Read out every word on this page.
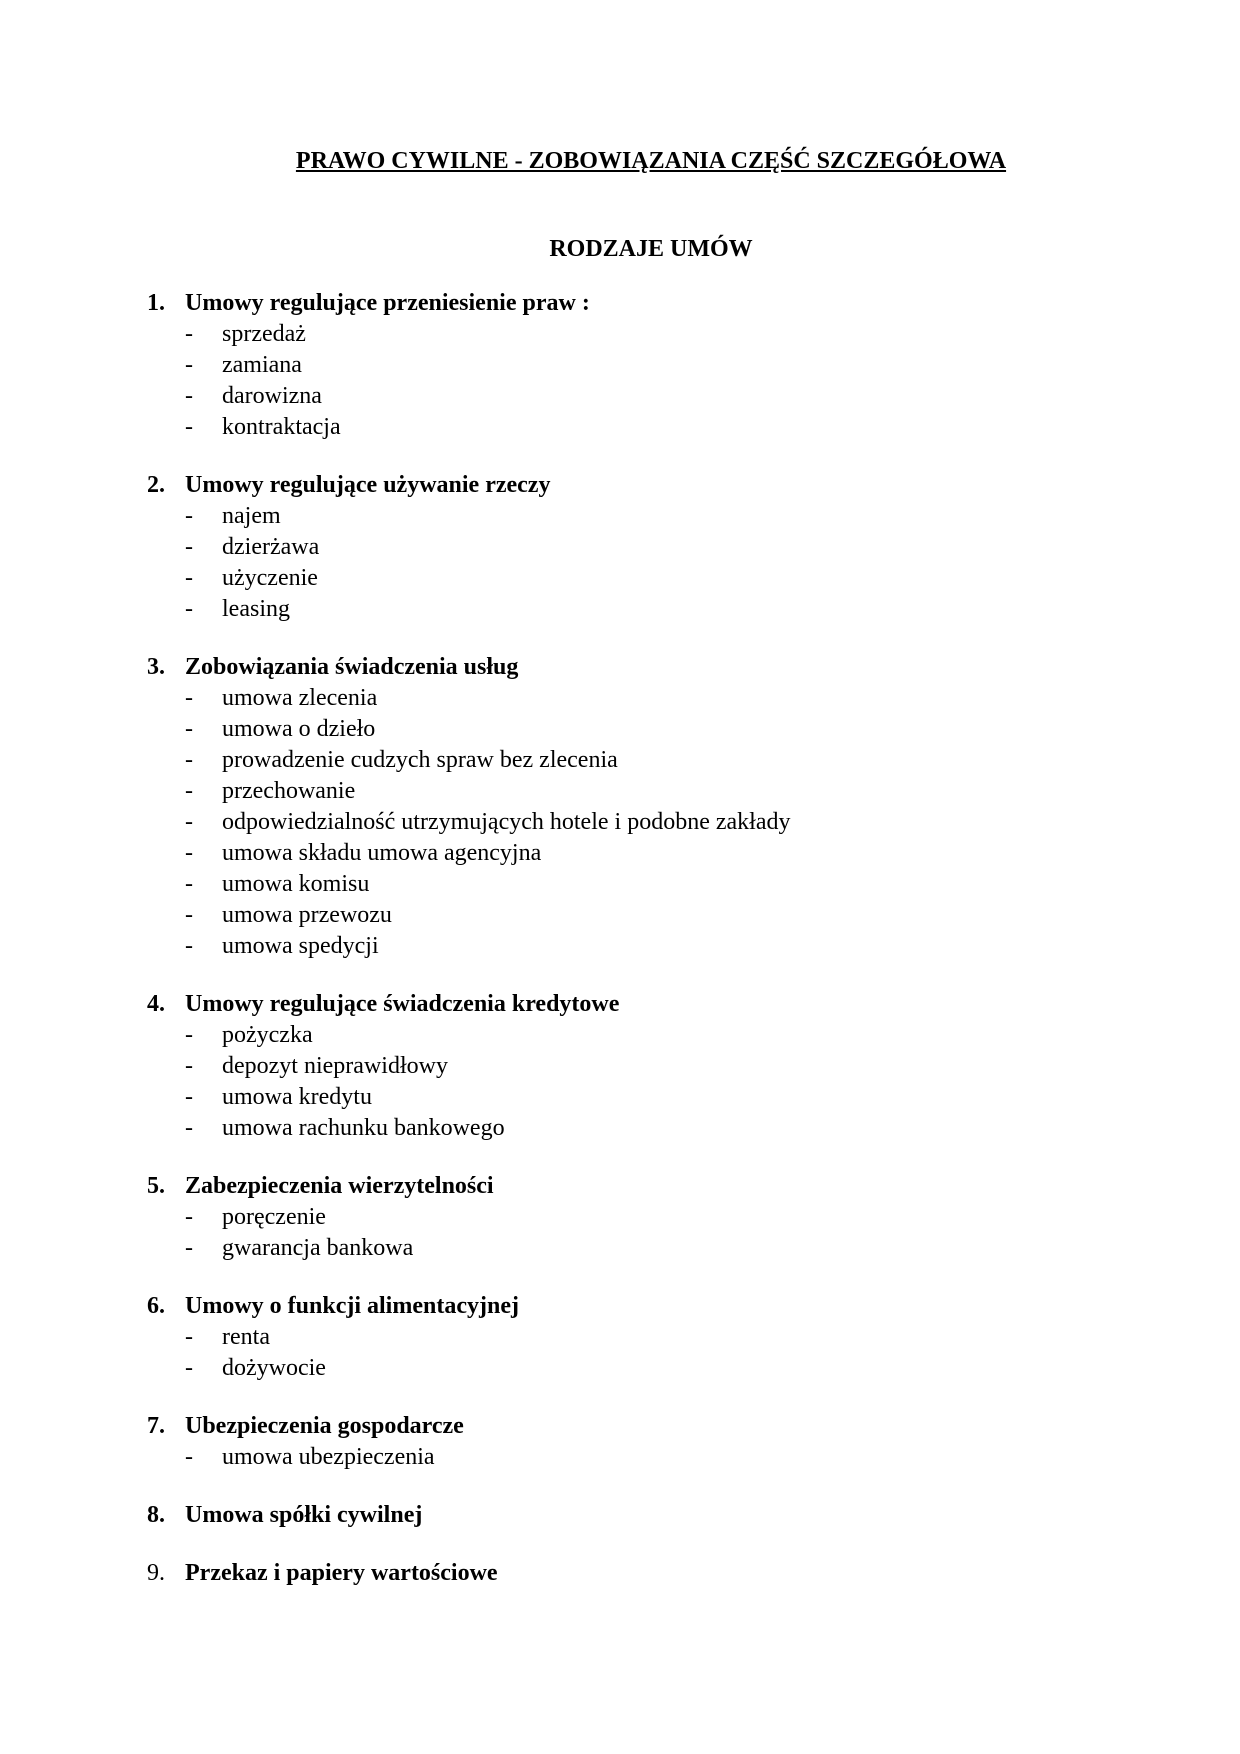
PRAWO CYWILNE - ZOBOWIĄZANIA CZĘŚĆ SZCZEGÓŁOWA
RODZAJE UMÓW
1. Umowy regulujące przeniesienie praw :
- sprzedaż
- zamiana
- darowizna
- kontraktacja
2. Umowy regulujące używanie rzeczy
- najem
- dzierżawa
- użyczenie
- leasing
3. Zobowiązania świadczenia usług
- umowa zlecenia
- umowa o dzieło
- prowadzenie cudzych spraw bez zlecenia
- przechowanie
- odpowiedzialność utrzymujących hotele i podobne zakłady
- umowa składu umowa agencyjna
- umowa komisu
- umowa przewozu
- umowa spedycji
4. Umowy regulujące świadczenia kredytowe
- pożyczka
- depozyt nieprawidłowy
- umowa kredytu
- umowa rachunku bankowego
5. Zabezpieczenia wierzytelności
- poręczenie
- gwarancja bankowa
6. Umowy o funkcji alimentacyjnej
- renta
- dożywocie
7. Ubezpieczenia gospodarcze
- umowa ubezpieczenia
8. Umowa spółki cywilnej
9. Przekaz i papiery wartościowe
